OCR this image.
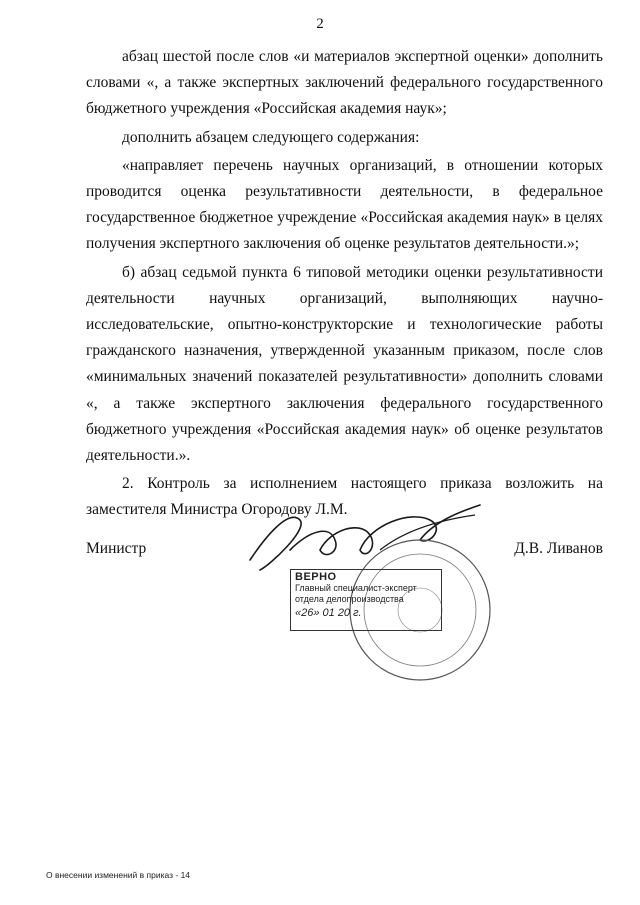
2

абзац шестой после слов «и материалов экспертной оценки» дополнить словами «, а также экспертных заключений федерального государственного бюджетного учреждения «Российская академия наук»;

дополнить абзацем следующего содержания:

«направляет перечень научных организаций, в отношении которых проводится оценка результативности деятельности, в федеральное государственное бюджетное учреждение «Российская академия наук» в целях получения экспертного заключения об оценке результатов деятельности.»;

б) абзац седьмой пункта 6 типовой методики оценки результативности деятельности научных организаций, выполняющих научно-исследовательские, опытно-конструкторские и технологические работы гражданского назначения, утвержденной указанным приказом, после слов «минимальных значений показателей результативности» дополнить словами «, а также экспертного заключения федерального государственного бюджетного учреждения «Российская академия наук» об оценке результатов деятельности.».

2. Контроль за исполнением настоящего приказа возложить на заместителя Министра Огородову Л.М.

Министр	Д.В. Ливанов
ВЕРНО
Главный специалист-эксперт
отдела делопроизводства
«26» 01 20 г.
О внесении изменений в приказ - 14
